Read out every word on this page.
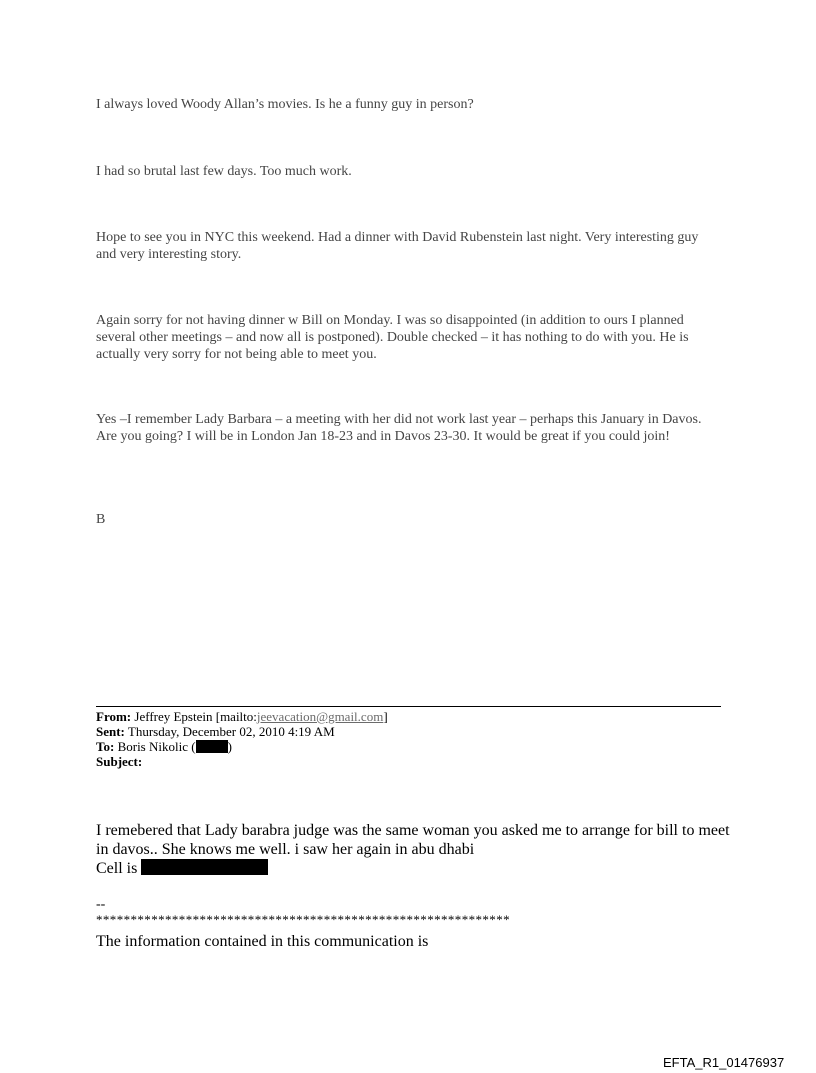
I always loved Woody Allan’s movies. Is he a funny guy in person?

I had so brutal last few days. Too much work.

Hope to see you in NYC this weekend. Had a dinner with David Rubenstein last night. Very interesting guy and very interesting story.

Again sorry for not having dinner w Bill on Monday. I was so disappointed (in addition to ours I planned several other meetings – and now all is postponed). Double checked – it has nothing to do with you. He is actually very sorry for not being able to meet you.

Yes –I remember Lady Barbara – a meeting with her did not work last year – perhaps this January in Davos. Are you going? I will be in London Jan 18-23 and in Davos 23-30. It would be great if you could join!

B

From: Jeffrey Epstein [mailto:jeevacation@gmail.com]
Sent: Thursday, December 02, 2010 4:19 AM
To: Boris Nikolic ( )
Subject:

I remebered that Lady barabra judge was the same woman you asked me to arrange for bill to meet in davos.. She knows me well. i saw her again in abu dhabi

Cell is
--
************************************************************
The information contained in this communication is
EFTA_R1_01476937
